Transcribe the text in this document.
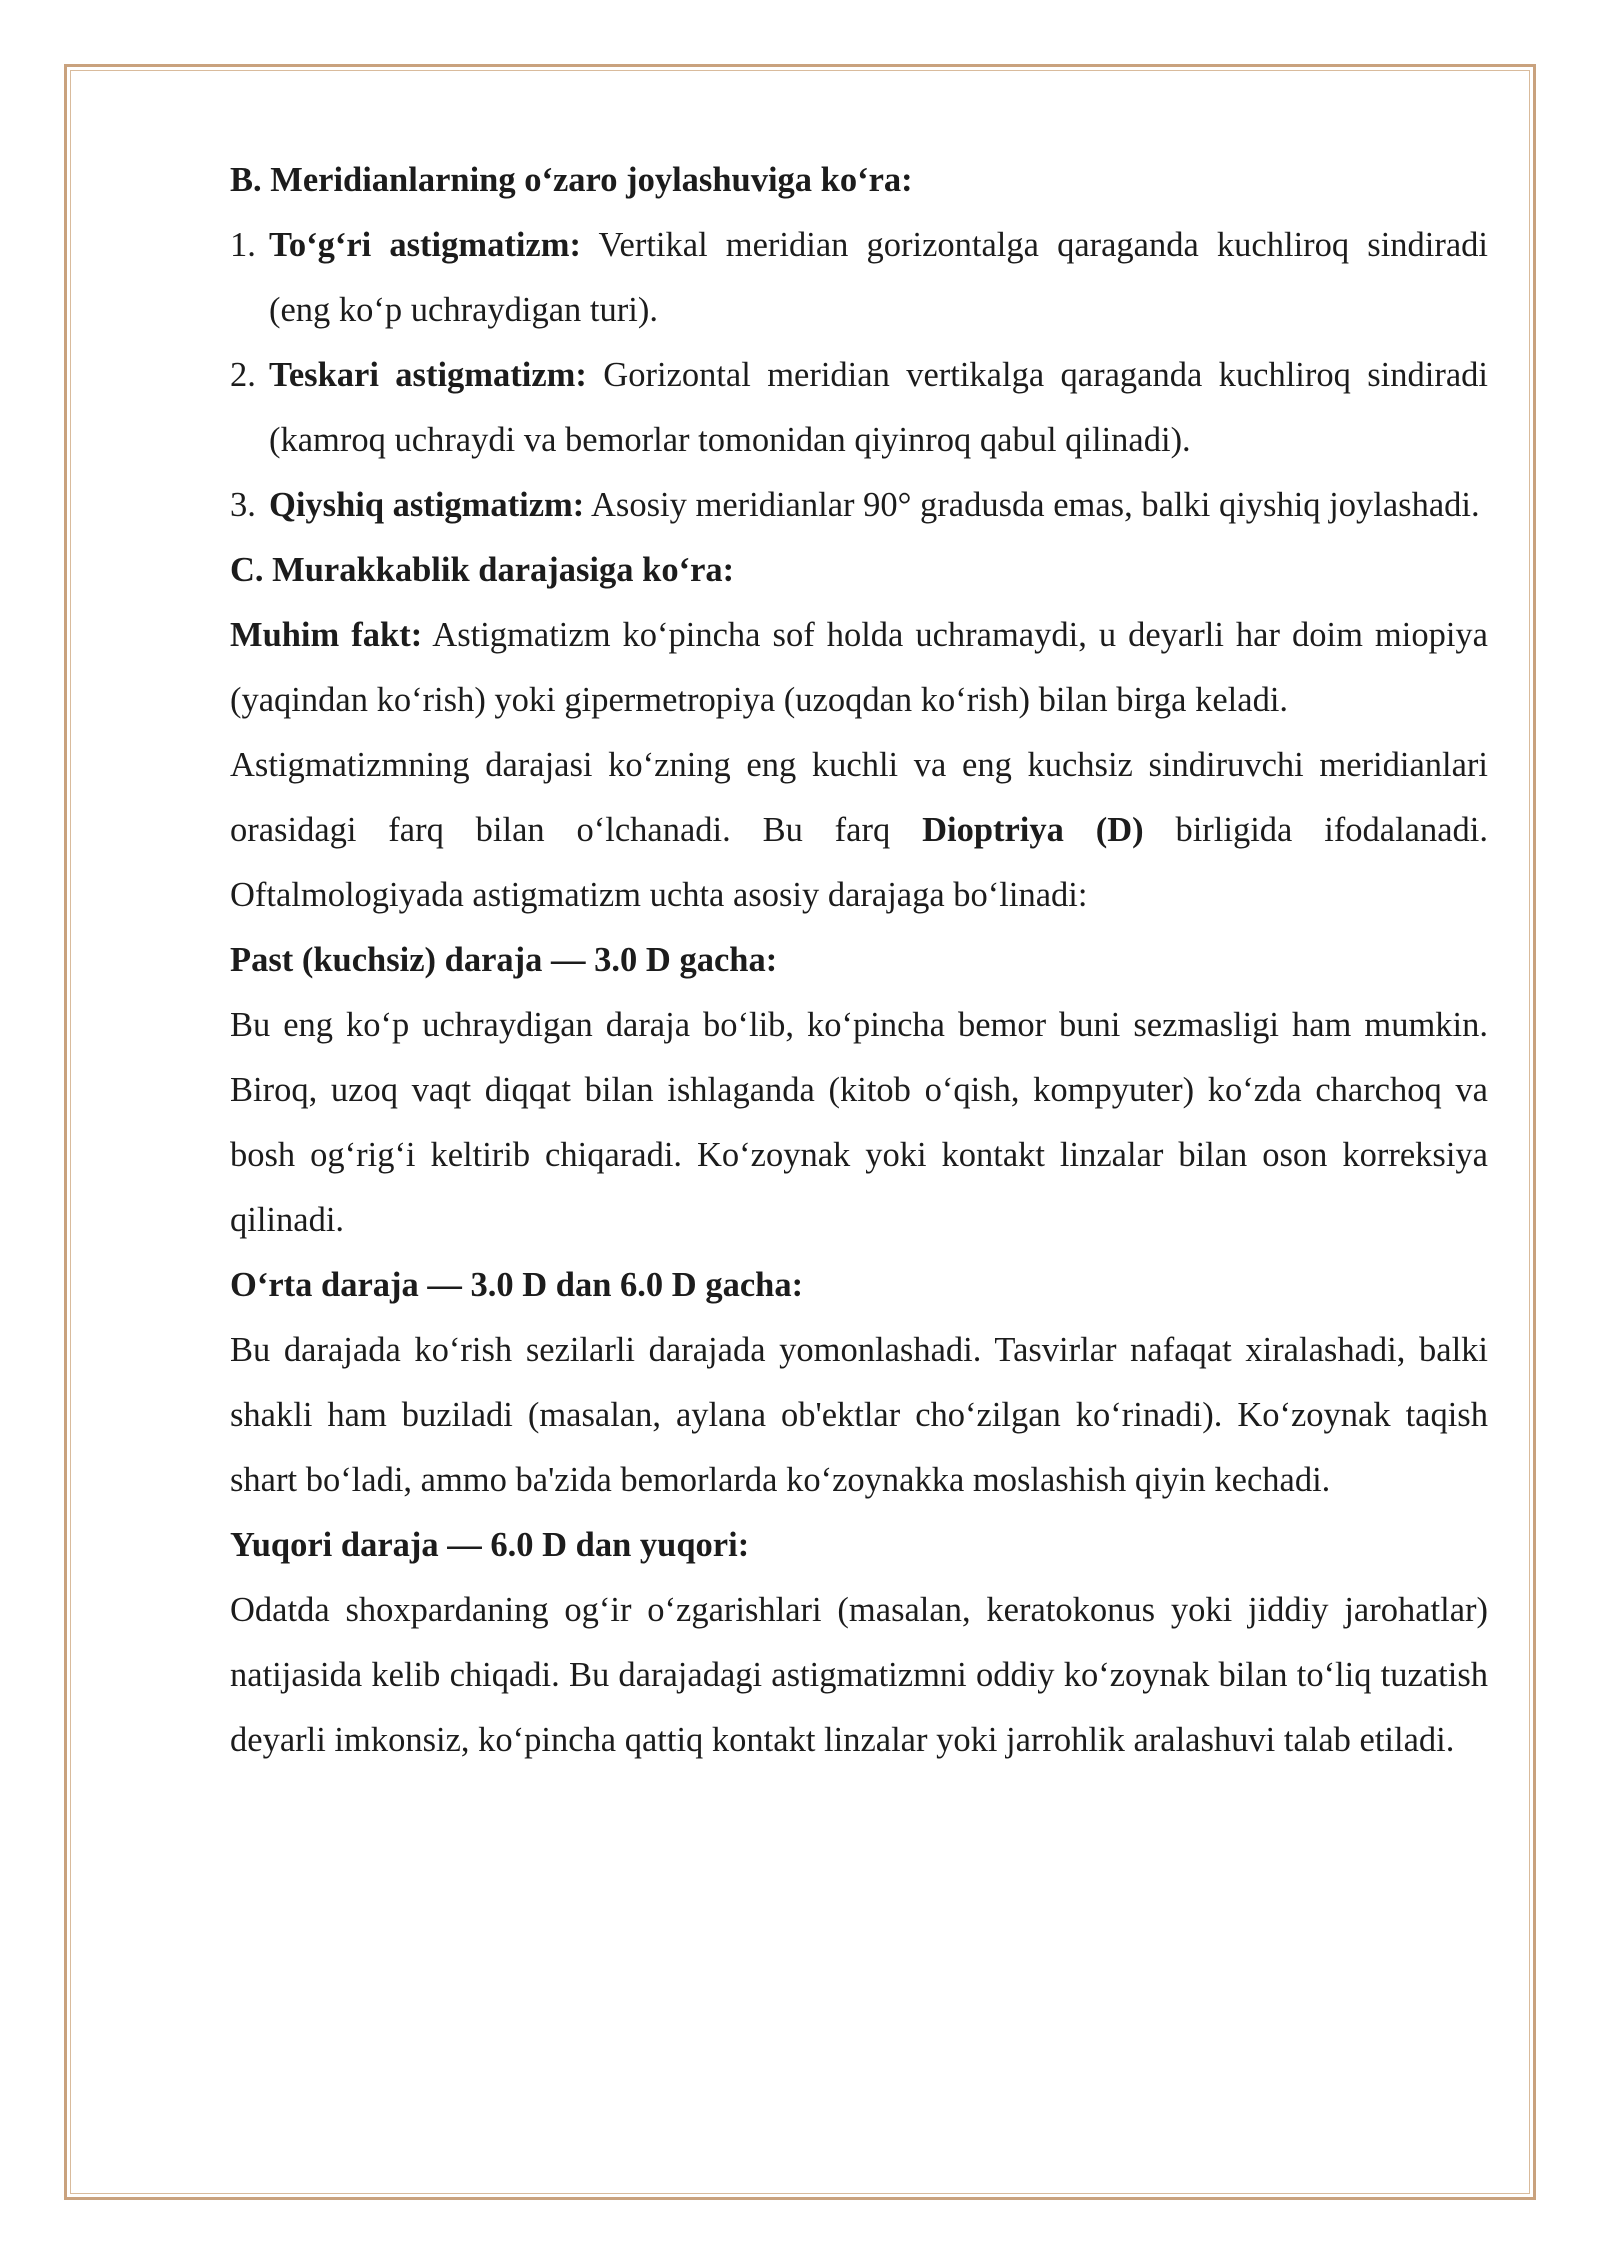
B. Meridianlarning o‘zaro joylashuviga ko‘ra:

1. To‘g‘ri astigmatizm: Vertikal meridian gorizontalga qaraganda kuchliroq sindiradi (eng ko‘p uchraydigan turi).
2. Teskari astigmatizm: Gorizontal meridian vertikalga qaraganda kuchliroq sindiradi (kamroq uchraydi va bemorlar tomonidan qiyinroq qabul qilinadi).
3. Qiyshiq astigmatizm: Asosiy meridianlar 90° gradusda emas, balki qiyshiq joylashadi.

C. Murakkablik darajasiga ko‘ra:

Muhim fakt: Astigmatizm ko‘pincha sof holda uchramaydi, u deyarli har doim miopiya (yaqindan ko‘rish) yoki gipermetropiya (uzoqdan ko‘rish) bilan birga keladi.

Astigmatizmning darajasi ko‘zning eng kuchli va eng kuchsiz sindiruvchi meridianlari orasidagi farq bilan o‘lchanadi. Bu farq Dioptriya (D) birligida ifodalanadi. Oftalmologiyada astigmatizm uchta asosiy darajaga bo‘linadi:

Past (kuchsiz) daraja — 3.0 D gacha:

Bu eng ko‘p uchraydigan daraja bo‘lib, ko‘pincha bemor buni sezmasligi ham mumkin. Biroq, uzoq vaqt diqqat bilan ishlaganda (kitob o‘qish, kompyuter) ko‘zda charchoq va bosh og‘rig‘i keltirib chiqaradi. Ko‘zoynak yoki kontakt linzalar bilan oson korreksiya qilinadi.

O‘rta daraja — 3.0 D dan 6.0 D gacha:

Bu darajada ko‘rish sezilarli darajada yomonlashadi. Tasvirlar nafaqat xiralashadi, balki shakli ham buziladi (masalan, aylana ob'ektlar cho‘zilgan ko‘rinadi). Ko‘zoynak taqish shart bo‘ladi, ammo ba'zida bemorlarda ko‘zoynakka moslashish qiyin kechadi.

Yuqori daraja — 6.0 D dan yuqori:

Odatda shoxpardaning og‘ir o‘zgarishlari (masalan, keratokonus yoki jiddiy jarohatlar) natijasida kelib chiqadi. Bu darajadagi astigmatizmni oddiy ko‘zoynak bilan to‘liq tuzatish deyarli imkonsiz, ko‘pincha qattiq kontakt linzalar yoki jarrohlik aralashuvi talab etiladi.
